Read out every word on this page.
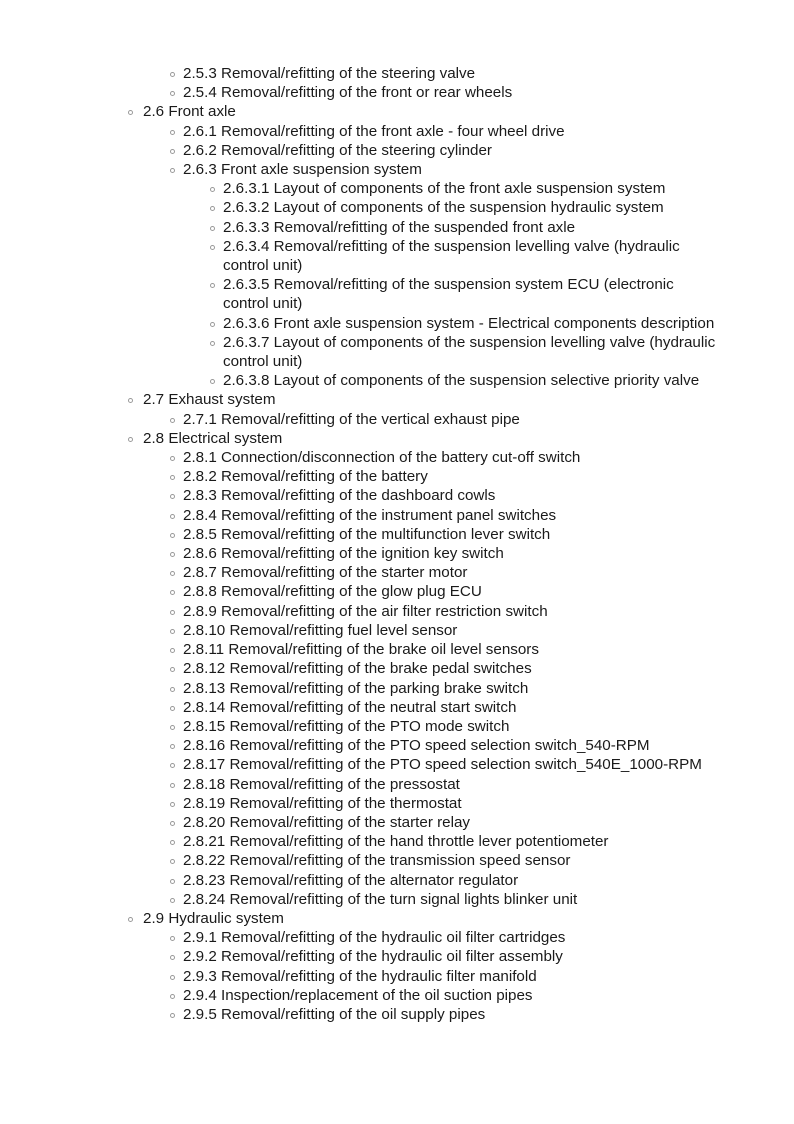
2.5.3 Removal/refitting of the steering valve
2.5.4 Removal/refitting of the front or rear wheels
2.6 Front axle
2.6.1 Removal/refitting of the front axle - four wheel drive
2.6.2 Removal/refitting of the steering cylinder
2.6.3 Front axle suspension system
2.6.3.1 Layout of components of the front axle suspension system
2.6.3.2 Layout of components of the suspension hydraulic system
2.6.3.3 Removal/refitting of the suspended front axle
2.6.3.4 Removal/refitting of the suspension levelling valve (hydraulic control unit)
2.6.3.5 Removal/refitting of the suspension system ECU (electronic control unit)
2.6.3.6 Front axle suspension system - Electrical components description
2.6.3.7 Layout of components of the suspension levelling valve (hydraulic control unit)
2.6.3.8 Layout of components of the suspension selective priority valve
2.7 Exhaust system
2.7.1 Removal/refitting of the vertical exhaust pipe
2.8 Electrical system
2.8.1 Connection/disconnection of the battery cut-off switch
2.8.2 Removal/refitting of the battery
2.8.3 Removal/refitting of the dashboard cowls
2.8.4 Removal/refitting of the instrument panel switches
2.8.5 Removal/refitting of the multifunction lever switch
2.8.6 Removal/refitting of the ignition key switch
2.8.7 Removal/refitting of the starter motor
2.8.8 Removal/refitting of the glow plug ECU
2.8.9 Removal/refitting of the air filter restriction switch
2.8.10 Removal/refitting fuel level sensor
2.8.11 Removal/refitting of the brake oil level sensors
2.8.12 Removal/refitting of the brake pedal switches
2.8.13 Removal/refitting of the parking brake switch
2.8.14 Removal/refitting of the neutral start switch
2.8.15 Removal/refitting of the PTO mode switch
2.8.16 Removal/refitting of the PTO speed selection switch_540-RPM
2.8.17 Removal/refitting of the PTO speed selection switch_540E_1000-RPM
2.8.18 Removal/refitting of the pressostat
2.8.19 Removal/refitting of the thermostat
2.8.20 Removal/refitting of the starter relay
2.8.21 Removal/refitting of the hand throttle lever potentiometer
2.8.22 Removal/refitting of the transmission speed sensor
2.8.23 Removal/refitting of the alternator regulator
2.8.24 Removal/refitting of the turn signal lights blinker unit
2.9 Hydraulic system
2.9.1 Removal/refitting of the hydraulic oil filter cartridges
2.9.2 Removal/refitting of the hydraulic oil filter assembly
2.9.3 Removal/refitting of the hydraulic filter manifold
2.9.4 Inspection/replacement of the oil suction pipes
2.9.5 Removal/refitting of the oil supply pipes
